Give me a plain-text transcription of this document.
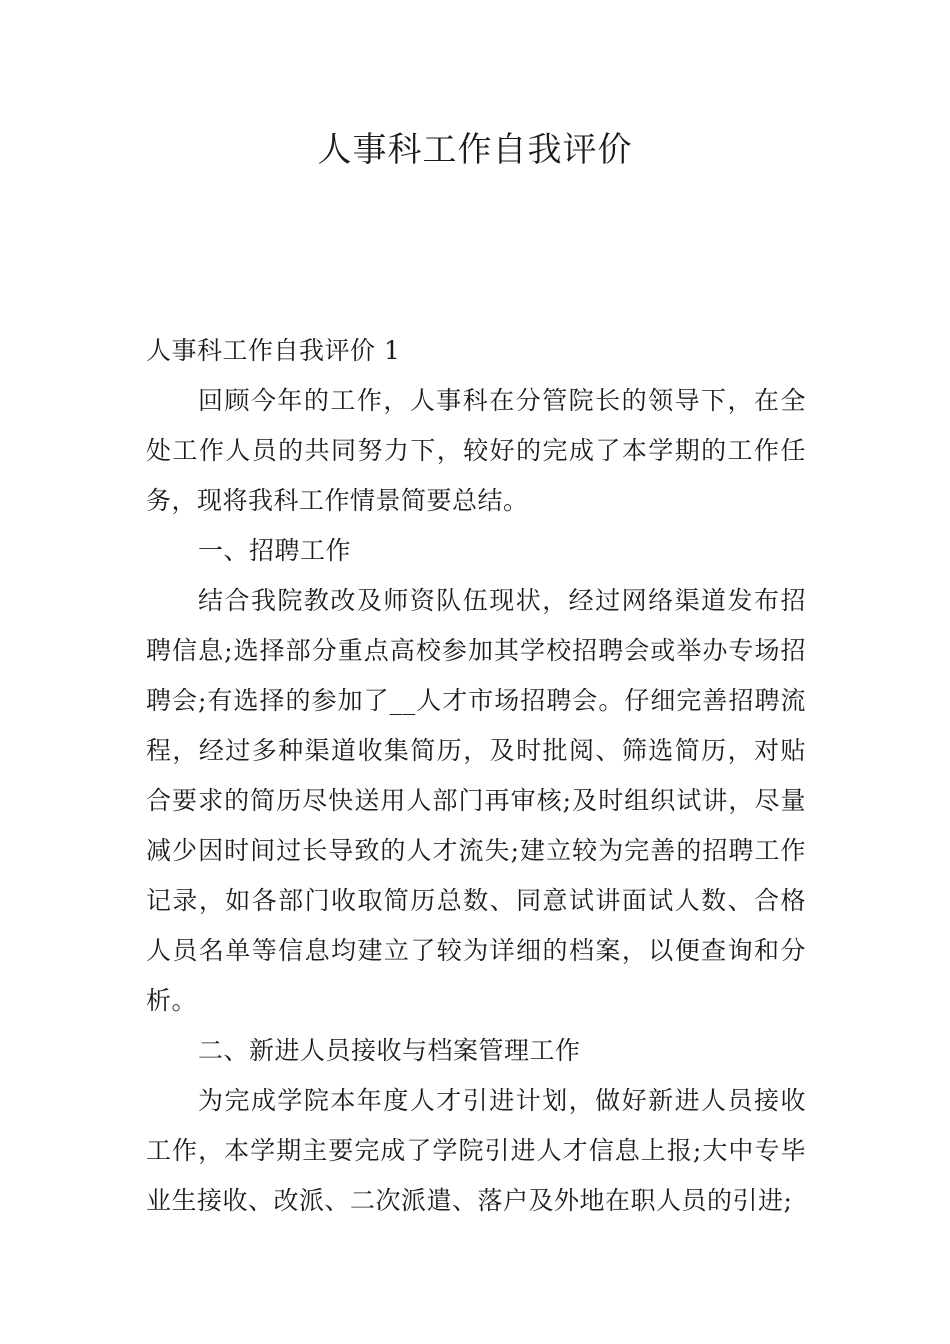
人事科工作自我评价

人事科工作自我评价 1

回顾今年的工作，人事科在分管院长的领导下，在全处工作人员的共同努力下，较好的完成了本学期的工作任务，现将我科工作情景简要总结。

一、招聘工作

结合我院教改及师资队伍现状，经过网络渠道发布招聘信息;选择部分重点高校参加其学校招聘会或举办专场招聘会;有选择的参加了__人才市场招聘会。仔细完善招聘流程，经过多种渠道收集简历，及时批阅、筛选简历，对贴合要求的简历尽快送用人部门再审核;及时组织试讲，尽量减少因时间过长导致的人才流失;建立较为完善的招聘工作记录，如各部门收取简历总数、同意试讲面试人数、合格人员名单等信息均建立了较为详细的档案，以便查询和分析。

二、新进人员接收与档案管理工作

为完成学院本年度人才引进计划，做好新进人员接收工作，本学期主要完成了学院引进人才信息上报;大中专毕业生接收、改派、二次派遣、落户及外地在职人员的引进;
